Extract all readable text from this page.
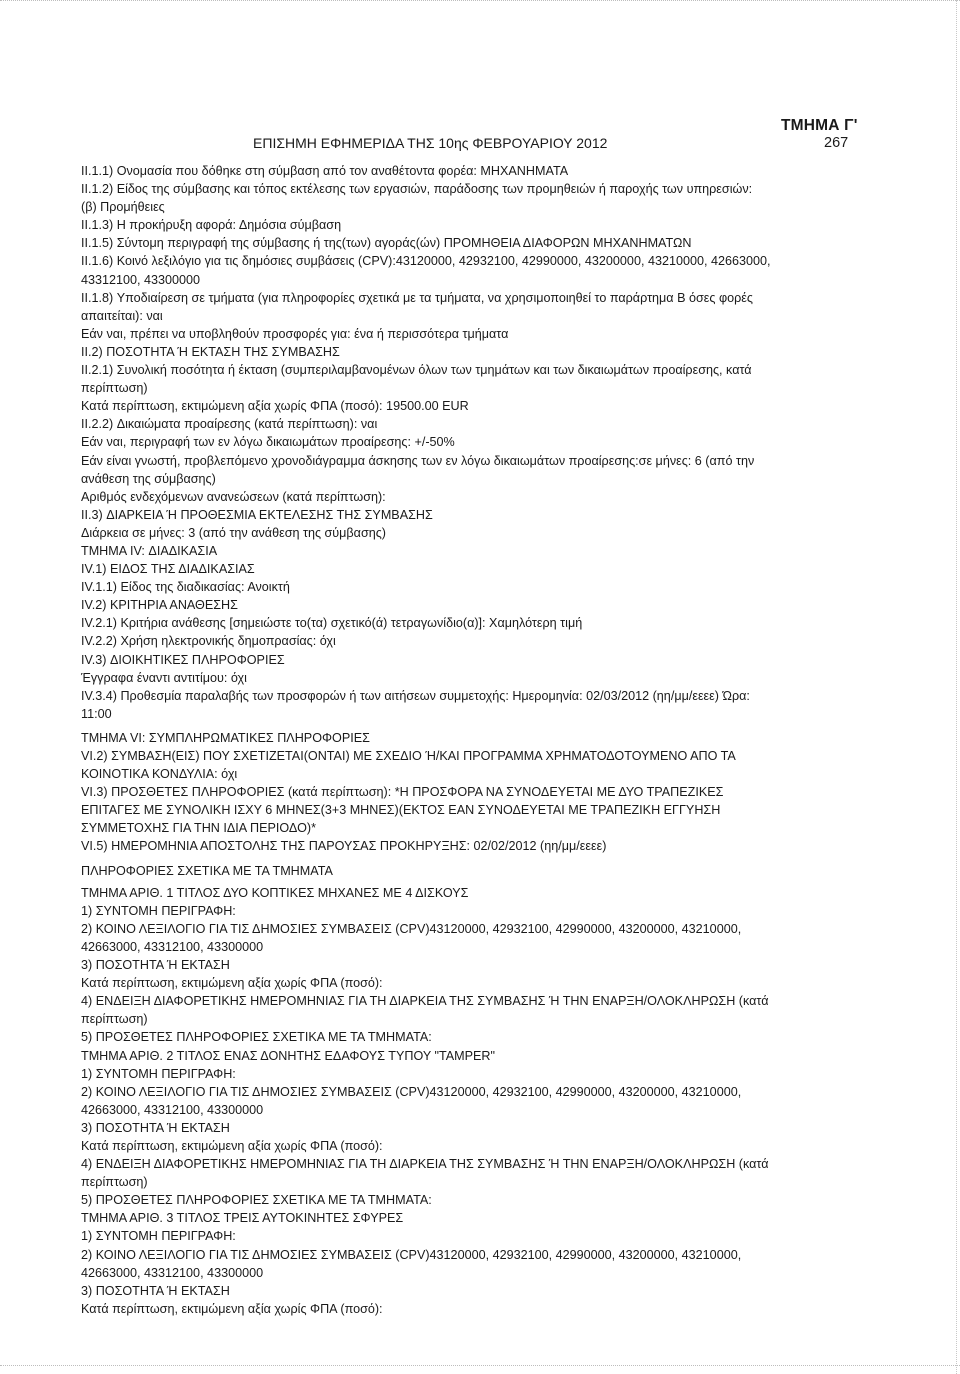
ΤΜΗΜΑ Γ'
ΕΠΙΣΗΜΗ ΕΦΗΜΕΡΙΔΑ ΤΗΣ 10ης ΦΕΒΡΟΥΑΡΙΟΥ 2012	267
II.1.1) Ονομασία που δόθηκε στη σύμβαση από τον αναθέτοντα φορέα: ΜΗΧΑΝΗΜΑΤΑ
II.1.2) Είδος της σύμβασης και τόπος εκτέλεσης των εργασιών, παράδοσης των προμηθειών ή παροχής των υπηρεσιών:
(β) Προμήθειες
II.1.3) Η προκήρυξη αφορά: Δημόσια σύμβαση
II.1.5) Σύντομη περιγραφή της σύμβασης ή της(των) αγοράς(ών) ΠΡΟΜΗΘΕΙΑ ΔΙΑΦΟΡΩΝ ΜΗΧΑΝΗΜΑΤΩΝ
II.1.6) Κοινό λεξιλόγιο για τις δημόσιες συμβάσεις (CPV):43120000, 42932100, 42990000, 43200000, 43210000, 42663000,
43312100, 43300000
II.1.8) Υποδιαίρεση σε τμήματα (για πληροφορίες σχετικά με τα τμήματα, να χρησιμοποιηθεί το παράρτημα Β όσες φορές
απαιτείται): ναι
Εάν ναι, πρέπει να υποβληθούν προσφορές για: ένα ή περισσότερα τμήματα
II.2) ΠΟΣΟΤΗΤΑ Ή ΕΚΤΑΣΗ ΤΗΣ ΣΥΜΒΑΣΗΣ
II.2.1) Συνολική ποσότητα ή έκταση (συμπεριλαμβανομένων όλων των τμημάτων και των δικαιωμάτων προαίρεσης, κατά
περίπτωση)
Κατά περίπτωση, εκτιμώμενη αξία χωρίς ΦΠΑ (ποσό): 19500.00 EUR
II.2.2) Δικαιώματα προαίρεσης (κατά περίπτωση): ναι
Εάν ναι, περιγραφή των εν λόγω δικαιωμάτων προαίρεσης: +/-50%
Εάν είναι γνωστή, προβλεπόμενο χρονοδιάγραμμα άσκησης των εν λόγω δικαιωμάτων προαίρεσης:σε μήνες: 6 (από την
ανάθεση της σύμβασης)
Αριθμός ενδεχόμενων ανανεώσεων (κατά περίπτωση):
II.3) ΔΙΑΡΚΕΙΑ Ή ΠΡΟΘΕΣΜΙΑ ΕΚΤΕΛΕΣΗΣ ΤΗΣ ΣΥΜΒΑΣΗΣ
Διάρκεια σε μήνες: 3 (από την ανάθεση της σύμβασης)
ΤΜΗΜΑ IV: ΔΙΑΔΙΚΑΣΙΑ
IV.1) ΕΙΔΟΣ ΤΗΣ ΔΙΑΔΙΚΑΣΙΑΣ
IV.1.1) Είδος της διαδικασίας: Ανοικτή
IV.2) ΚΡΙΤΗΡΙΑ ΑΝΑΘΕΣΗΣ
IV.2.1) Κριτήρια ανάθεσης [σημειώστε το(τα) σχετικό(ά) τετραγωνίδιο(α)]: Χαμηλότερη τιμή
IV.2.2) Χρήση ηλεκτρονικής δημοπρασίας: όχι
IV.3) ΔΙΟΙΚΗΤΙΚΕΣ ΠΛΗΡΟΦΟΡΙΕΣ
Έγγραφα έναντι αντιτίμου: όχι
IV.3.4) Προθεσμία παραλαβής των προσφορών ή των αιτήσεων συμμετοχής: Ημερομηνία: 02/03/2012 (ηη/μμ/εεεε) Ώρα:
11:00
ΤΜΗΜΑ VI: ΣΥΜΠΛΗΡΩΜΑΤΙΚΕΣ ΠΛΗΡΟΦΟΡΙΕΣ
VI.2) ΣΥΜΒΑΣΗ(ΕΙΣ) ΠΟΥ ΣΧΕΤΙΖΕΤΑΙ(ΟΝΤΑΙ) ΜΕ ΣΧΕΔΙΟ Ή/ΚΑΙ ΠΡΟΓΡΑΜΜΑ ΧΡΗΜΑΤΟΔΟΤΟΥΜΕΝΟ ΑΠΟ ΤΑ
ΚΟΙΝΟΤΙΚΑ ΚΟΝΔΥΛΙΑ: όχι
VI.3) ΠΡΟΣΘΕΤΕΣ ΠΛΗΡΟΦΟΡΙΕΣ (κατά περίπτωση): *Η ΠΡΟΣΦΟΡΑ ΝΑ ΣΥΝΟΔΕΥΕΤΑΙ ΜΕ ΔΥΟ ΤΡΑΠΕΖΙΚΕΣ
ΕΠΙΤΑΓΕΣ ΜΕ ΣΥΝΟΛΙΚΗ ΙΣΧΥ 6 ΜΗΝΕΣ(3+3 ΜΗΝΕΣ)(ΕΚΤΟΣ ΕΑΝ ΣΥΝΟΔΕΥΕΤΑΙ ΜΕ ΤΡΑΠΕΖΙΚΗ ΕΓΓΥΗΣΗ
ΣΥΜΜΕΤΟΧΗΣ ΓΙΑ ΤΗΝ ΙΔΙΑ ΠΕΡΙΟΔΟ)*
VI.5) ΗΜΕΡΟΜΗΝΙΑ ΑΠΟΣΤΟΛΗΣ ΤΗΣ ΠΑΡΟΥΣΑΣ ΠΡΟΚΗΡΥΞΗΣ: 02/02/2012 (ηη/μμ/εεεε)
ΠΛΗΡΟΦΟΡΙΕΣ ΣΧΕΤΙΚΑ ΜΕ ΤΑ ΤΜΗΜΑΤΑ
ΤΜΗΜΑ ΑΡΙΘ. 1 ΤΙΤΛΟΣ ΔΥΟ ΚΟΠΤΙΚΕΣ ΜΗΧΑΝΕΣ ΜΕ 4 ΔΙΣΚΟΥΣ
1) ΣΥΝΤΟΜΗ ΠΕΡΙΓΡΑΦΗ:
2) ΚΟΙΝΟ ΛΕΞΙΛΟΓΙΟ ΓΙΑ ΤΙΣ ΔΗΜΟΣΙΕΣ ΣΥΜΒΑΣΕΙΣ (CPV)43120000, 42932100, 42990000, 43200000, 43210000,
42663000, 43312100, 43300000
3) ΠΟΣΟΤΗΤΑ Ή ΕΚΤΑΣΗ
Κατά περίπτωση, εκτιμώμενη αξία χωρίς ΦΠΑ (ποσό):
4) ΕΝΔΕΙΞΗ ΔΙΑΦΟΡΕΤΙΚΗΣ ΗΜΕΡΟΜΗΝΙΑΣ ΓΙΑ ΤΗ ΔΙΑΡΚΕΙΑ ΤΗΣ ΣΥΜΒΑΣΗΣ Ή ΤΗΝ ΕΝΑΡΞΗ/ΟΛΟΚΛΗΡΩΣΗ (κατά
περίπτωση)
5) ΠΡΟΣΘΕΤΕΣ ΠΛΗΡΟΦΟΡΙΕΣ ΣΧΕΤΙΚΑ ΜΕ ΤΑ ΤΜΗΜΑΤΑ:
ΤΜΗΜΑ ΑΡΙΘ. 2 ΤΙΤΛΟΣ ΕΝΑΣ ΔΟΝΗΤΗΣ ΕΔΑΦΟΥΣ ΤΥΠΟΥ "TAMPER"
1) ΣΥΝΤΟΜΗ ΠΕΡΙΓΡΑΦΗ:
2) ΚΟΙΝΟ ΛΕΞΙΛΟΓΙΟ ΓΙΑ ΤΙΣ ΔΗΜΟΣΙΕΣ ΣΥΜΒΑΣΕΙΣ (CPV)43120000, 42932100, 42990000, 43200000, 43210000,
42663000, 43312100, 43300000
3) ΠΟΣΟΤΗΤΑ Ή ΕΚΤΑΣΗ
Κατά περίπτωση, εκτιμώμενη αξία χωρίς ΦΠΑ (ποσό):
4) ΕΝΔΕΙΞΗ ΔΙΑΦΟΡΕΤΙΚΗΣ ΗΜΕΡΟΜΗΝΙΑΣ ΓΙΑ ΤΗ ΔΙΑΡΚΕΙΑ ΤΗΣ ΣΥΜΒΑΣΗΣ Ή ΤΗΝ ΕΝΑΡΞΗ/ΟΛΟΚΛΗΡΩΣΗ (κατά
περίπτωση)
5) ΠΡΟΣΘΕΤΕΣ ΠΛΗΡΟΦΟΡΙΕΣ ΣΧΕΤΙΚΑ ΜΕ ΤΑ ΤΜΗΜΑΤΑ:
ΤΜΗΜΑ ΑΡΙΘ. 3 ΤΙΤΛΟΣ ΤΡΕΙΣ ΑΥΤΟΚΙΝΗΤΕΣ ΣΦΥΡΕΣ
1) ΣΥΝΤΟΜΗ ΠΕΡΙΓΡΑΦΗ:
2) ΚΟΙΝΟ ΛΕΞΙΛΟΓΙΟ ΓΙΑ ΤΙΣ ΔΗΜΟΣΙΕΣ ΣΥΜΒΑΣΕΙΣ (CPV)43120000, 42932100, 42990000, 43200000, 43210000,
42663000, 43312100, 43300000
3) ΠΟΣΟΤΗΤΑ Ή ΕΚΤΑΣΗ
Κατά περίπτωση, εκτιμώμενη αξία χωρίς ΦΠΑ (ποσό):
